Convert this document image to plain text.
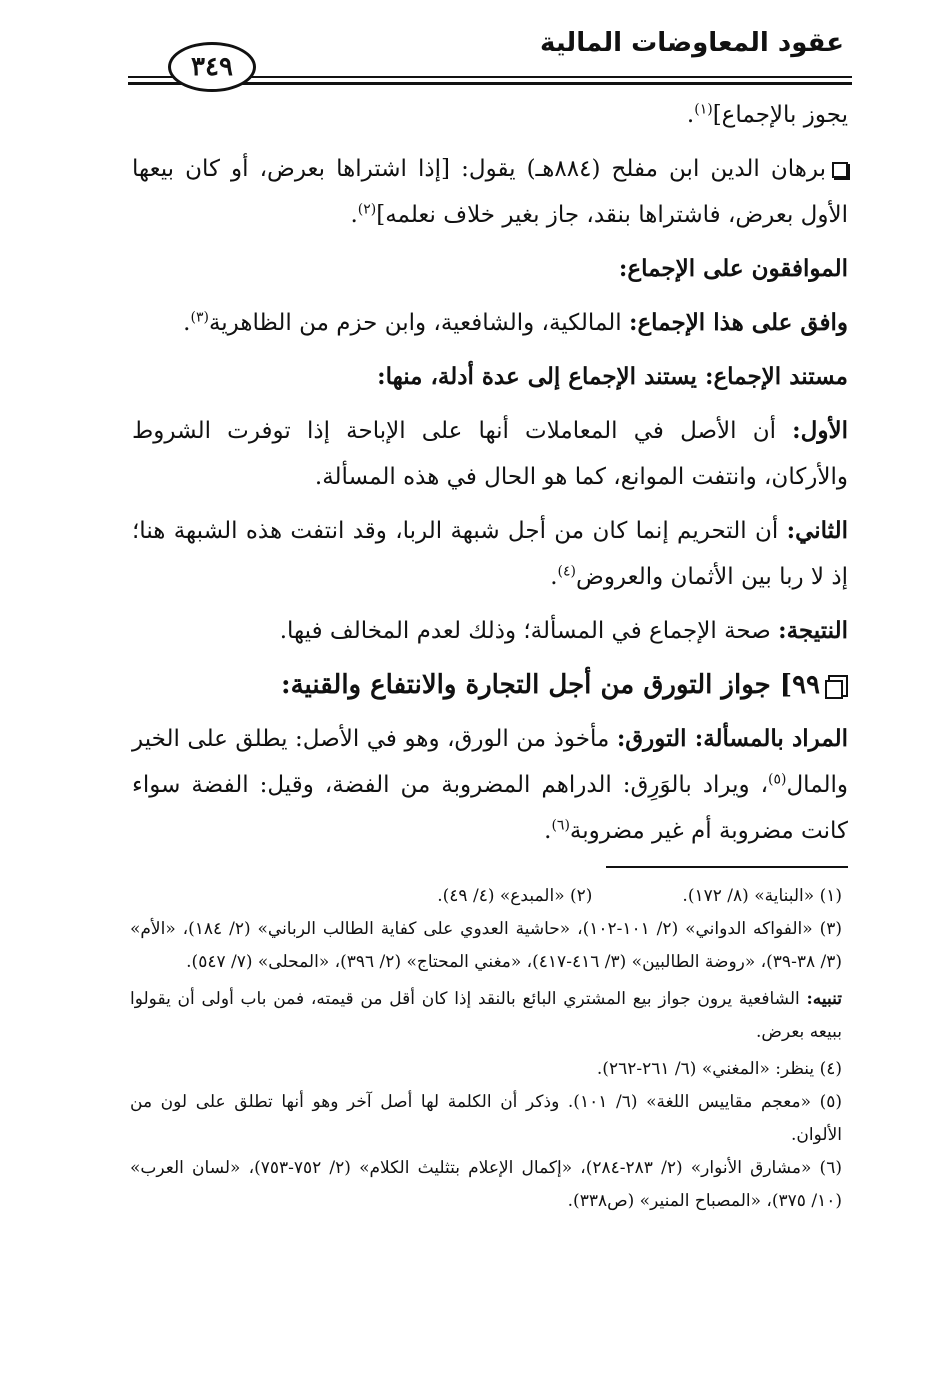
عقود المعاوضات المالية
٣٤٩

يجوز بالإجماع]$^{(١)}$.

برهان الدين ابن مفلح (٨٨٤هـ) يقول: [إذا اشتراها بعرض، أو كان بيعها الأول بعرض، فاشتراها بنقد، جاز بغير خلاف نعلمه]$^{(٢)}$.

الموافقون على الإجماع:

وافق على هذا الإجماع: المالكية، والشافعية، وابن حزم من الظاهرية$^{(٣)}$.

مستند الإجماع: يستند الإجماع إلى عدة أدلة، منها:

الأول: أن الأصل في المعاملات أنها على الإباحة إذا توفرت الشروط والأركان، وانتفت الموانع، كما هو الحال في هذه المسألة.

الثاني: أن التحريم إنما كان من أجل شبهة الربا، وقد انتفت هذه الشبهة هنا؛ إذ لا ربا بين الأثمان والعروض$^{(٤)}$.

النتيجة: صحة الإجماع في المسألة؛ وذلك لعدم المخالف فيها.

٩٩] جواز التورق من أجل التجارة والانتفاع والقنية:

المراد بالمسألة: التورق: مأخوذ من الورق، وهو في الأصل: يطلق على الخير والمال$^{(٥)}$، ويراد بالوَرِق: الدراهم المضروبة من الفضة، وقيل: الفضة سواء كانت مضروبة أم غير مضروبة$^{(٦)}$.

(١) «البناية» (٨/ ١٧٢).
(٢) «المبدع» (٤/ ٤٩).

(٣) «الفواكه الدواني» (٢/ ١٠١-١٠٢)، «حاشية العدوي على كفاية الطالب الرباني» (٢/ ١٨٤)، «الأم» (٣/ ٣٨-٣٩)، «روضة الطالبين» (٣/ ٤١٦-٤١٧)، «مغني المحتاج» (٢/ ٣٩٦)، «المحلى» (٧/ ٥٤٧).

تنبيه: الشافعية يرون جواز بيع المشتري البائع بالنقد إذا كان أقل من قيمته، فمن باب أولى أن يقولوا ببيعه بعرض.

(٤) ينظر: «المغني» (٦/ ٢٦١-٢٦٢).

(٥) «معجم مقاييس اللغة» (٦/ ١٠١). وذكر أن الكلمة لها أصل آخر وهو أنها تطلق على لون من الألوان.

(٦) «مشارق الأنوار» (٢/ ٢٨٣-٢٨٤)، «إكمال الإعلام بتثليث الكلام» (٢/ ٧٥٢-٧٥٣)، «لسان العرب» (١٠/ ٣٧٥)، «المصباح المنير» (ص٣٣٨).
